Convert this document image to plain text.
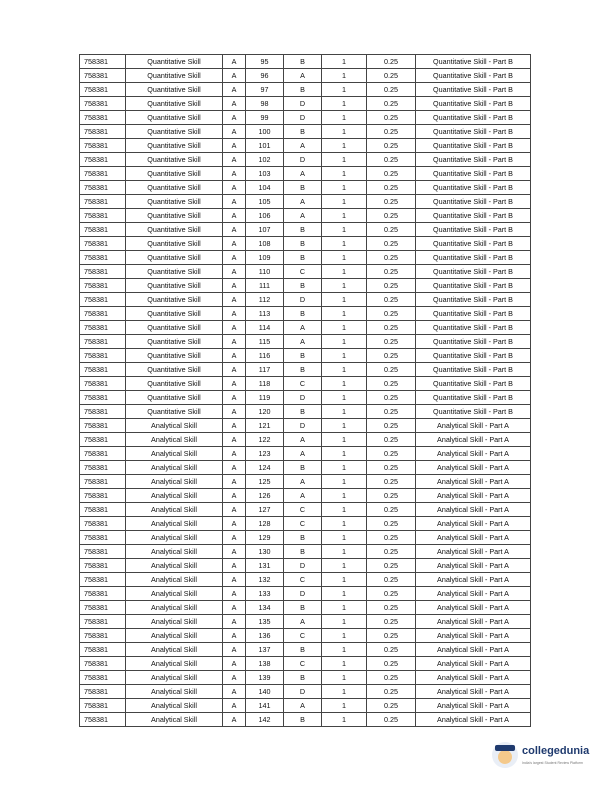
758381	Quantitative Skill	A	95	B	1	0.25	Quantitative Skill - Part B
758381	Quantitative Skill	A	96	A	1	0.25	Quantitative Skill - Part B
758381	Quantitative Skill	A	97	B	1	0.25	Quantitative Skill - Part B
758381	Quantitative Skill	A	98	D	1	0.25	Quantitative Skill - Part B
758381	Quantitative Skill	A	99	D	1	0.25	Quantitative Skill - Part B
758381	Quantitative Skill	A	100	B	1	0.25	Quantitative Skill - Part B
758381	Quantitative Skill	A	101	A	1	0.25	Quantitative Skill - Part B
758381	Quantitative Skill	A	102	D	1	0.25	Quantitative Skill - Part B
758381	Quantitative Skill	A	103	A	1	0.25	Quantitative Skill - Part B
758381	Quantitative Skill	A	104	B	1	0.25	Quantitative Skill - Part B
758381	Quantitative Skill	A	105	A	1	0.25	Quantitative Skill - Part B
758381	Quantitative Skill	A	106	A	1	0.25	Quantitative Skill - Part B
758381	Quantitative Skill	A	107	B	1	0.25	Quantitative Skill - Part B
758381	Quantitative Skill	A	108	B	1	0.25	Quantitative Skill - Part B
758381	Quantitative Skill	A	109	B	1	0.25	Quantitative Skill - Part B
758381	Quantitative Skill	A	110	C	1	0.25	Quantitative Skill - Part B
758381	Quantitative Skill	A	111	B	1	0.25	Quantitative Skill - Part B
758381	Quantitative Skill	A	112	D	1	0.25	Quantitative Skill - Part B
758381	Quantitative Skill	A	113	B	1	0.25	Quantitative Skill - Part B
758381	Quantitative Skill	A	114	A	1	0.25	Quantitative Skill - Part B
758381	Quantitative Skill	A	115	A	1	0.25	Quantitative Skill - Part B
758381	Quantitative Skill	A	116	B	1	0.25	Quantitative Skill - Part B
758381	Quantitative Skill	A	117	B	1	0.25	Quantitative Skill - Part B
758381	Quantitative Skill	A	118	C	1	0.25	Quantitative Skill - Part B
758381	Quantitative Skill	A	119	D	1	0.25	Quantitative Skill - Part B
758381	Quantitative Skill	A	120	B	1	0.25	Quantitative Skill - Part B
758381	Analytical Skill	A	121	D	1	0.25	Analytical Skill - Part A
758381	Analytical Skill	A	122	A	1	0.25	Analytical Skill - Part A
758381	Analytical Skill	A	123	A	1	0.25	Analytical Skill - Part A
758381	Analytical Skill	A	124	B	1	0.25	Analytical Skill - Part A
758381	Analytical Skill	A	125	A	1	0.25	Analytical Skill - Part A
758381	Analytical Skill	A	126	A	1	0.25	Analytical Skill - Part A
758381	Analytical Skill	A	127	C	1	0.25	Analytical Skill - Part A
758381	Analytical Skill	A	128	C	1	0.25	Analytical Skill - Part A
758381	Analytical Skill	A	129	B	1	0.25	Analytical Skill - Part A
758381	Analytical Skill	A	130	B	1	0.25	Analytical Skill - Part A
758381	Analytical Skill	A	131	D	1	0.25	Analytical Skill - Part A
758381	Analytical Skill	A	132	C	1	0.25	Analytical Skill - Part A
758381	Analytical Skill	A	133	D	1	0.25	Analytical Skill - Part A
758381	Analytical Skill	A	134	B	1	0.25	Analytical Skill - Part A
758381	Analytical Skill	A	135	A	1	0.25	Analytical Skill - Part A
758381	Analytical Skill	A	136	C	1	0.25	Analytical Skill - Part A
758381	Analytical Skill	A	137	B	1	0.25	Analytical Skill - Part A
758381	Analytical Skill	A	138	C	1	0.25	Analytical Skill - Part A
758381	Analytical Skill	A	139	B	1	0.25	Analytical Skill - Part A
758381	Analytical Skill	A	140	D	1	0.25	Analytical Skill - Part A
758381	Analytical Skill	A	141	A	1	0.25	Analytical Skill - Part A
758381	Analytical Skill	A	142	B	1	0.25	Analytical Skill - Part A
collegedunia
India's largest Student Review Platform
